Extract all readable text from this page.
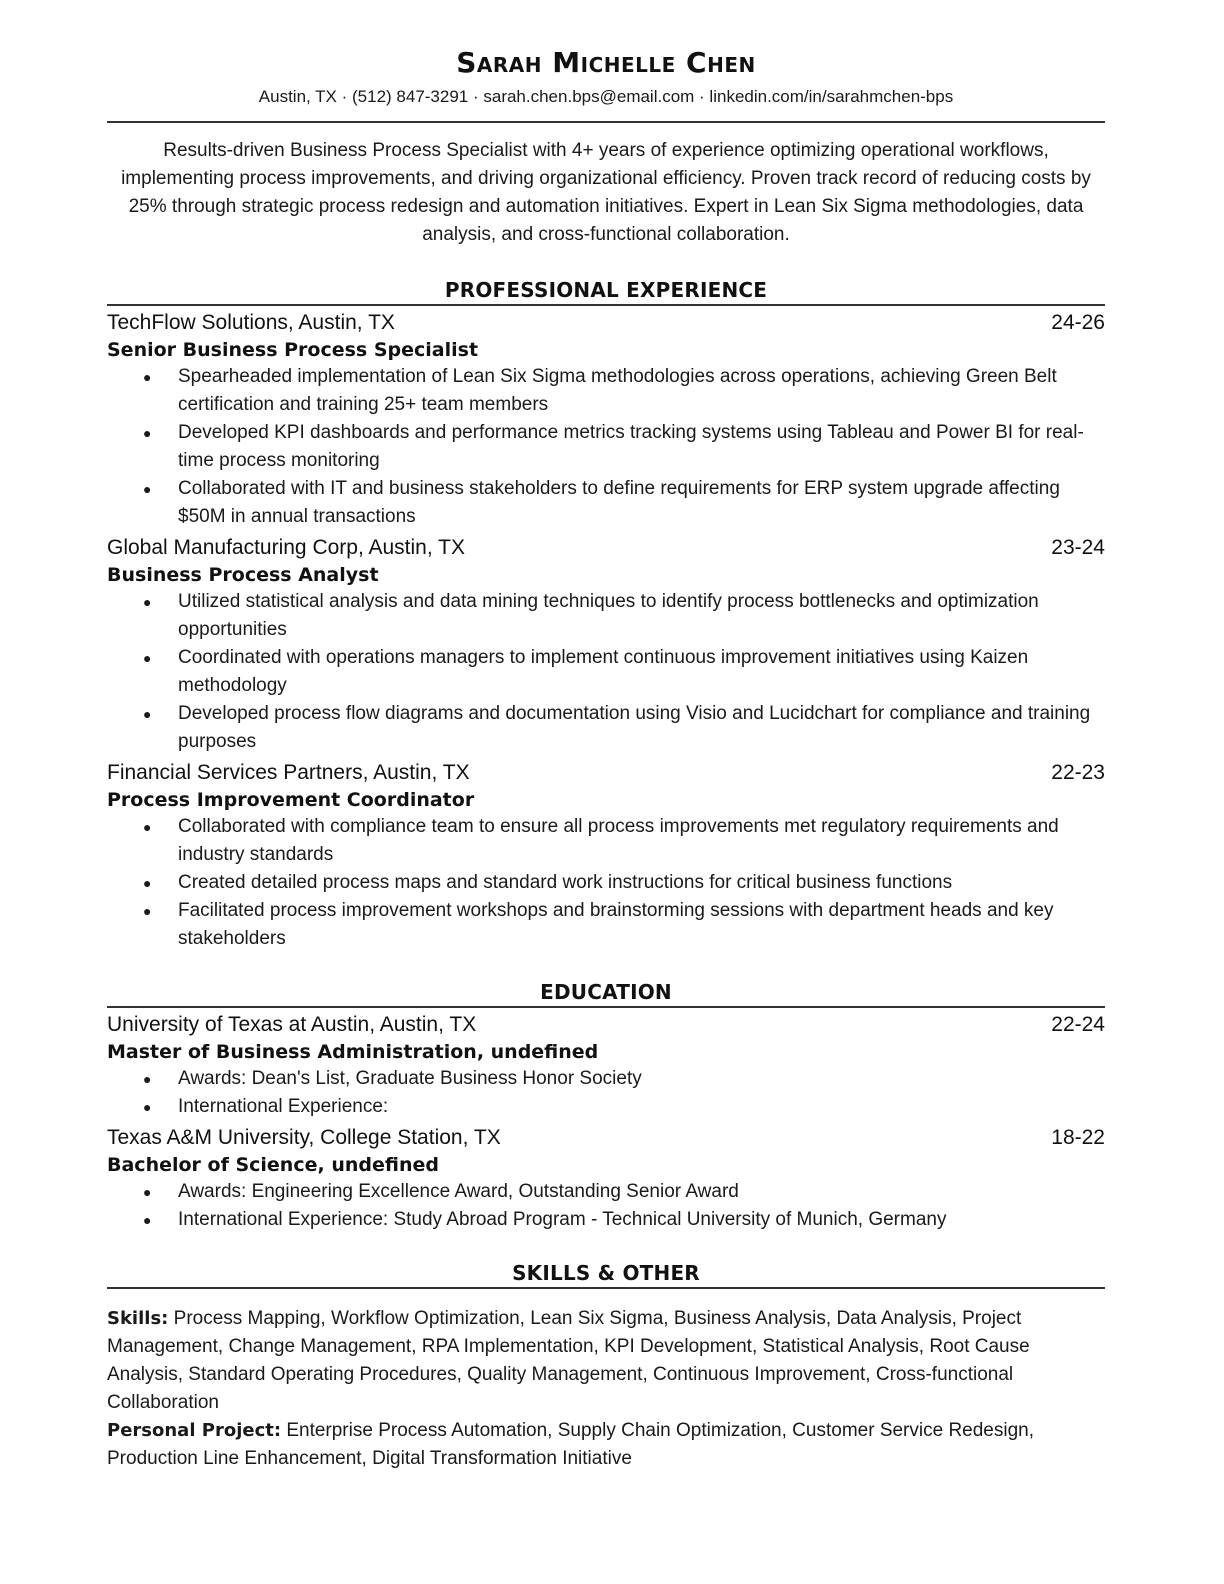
Sarah Michelle Chen
Austin, TX · (512) 847-3291 · sarah.chen.bps@email.com · linkedin.com/in/sarahmchen-bps
Results-driven Business Process Specialist with 4+ years of experience optimizing operational workflows, implementing process improvements, and driving organizational efficiency. Proven track record of reducing costs by 25% through strategic process redesign and automation initiatives. Expert in Lean Six Sigma methodologies, data analysis, and cross-functional collaboration.
PROFESSIONAL EXPERIENCE
TechFlow Solutions, Austin, TX	24-26
Senior Business Process Specialist
● Spearheaded implementation of Lean Six Sigma methodologies across operations, achieving Green Belt certification and training 25+ team members
● Developed KPI dashboards and performance metrics tracking systems using Tableau and Power BI for real-time process monitoring
● Collaborated with IT and business stakeholders to define requirements for ERP system upgrade affecting $50M in annual transactions
Global Manufacturing Corp, Austin, TX	23-24
Business Process Analyst
● Utilized statistical analysis and data mining techniques to identify process bottlenecks and optimization opportunities
● Coordinated with operations managers to implement continuous improvement initiatives using Kaizen methodology
● Developed process flow diagrams and documentation using Visio and Lucidchart for compliance and training purposes
Financial Services Partners, Austin, TX	22-23
Process Improvement Coordinator
● Collaborated with compliance team to ensure all process improvements met regulatory requirements and industry standards
● Created detailed process maps and standard work instructions for critical business functions
● Facilitated process improvement workshops and brainstorming sessions with department heads and key stakeholders
EDUCATION
University of Texas at Austin, Austin, TX	22-24
Master of Business Administration, undefined
● Awards: Dean's List, Graduate Business Honor Society
● International Experience:
Texas A&M University, College Station, TX	18-22
Bachelor of Science, undefined
● Awards: Engineering Excellence Award, Outstanding Senior Award
● International Experience: Study Abroad Program - Technical University of Munich, Germany
SKILLS & OTHER

Skills: Process Mapping, Workflow Optimization, Lean Six Sigma, Business Analysis, Data Analysis, Project Management, Change Management, RPA Implementation, KPI Development, Statistical Analysis, Root Cause Analysis, Standard Operating Procedures, Quality Management, Continuous Improvement, Cross-functional Collaboration

Personal Project: Enterprise Process Automation, Supply Chain Optimization, Customer Service Redesign, Production Line Enhancement, Digital Transformation Initiative
